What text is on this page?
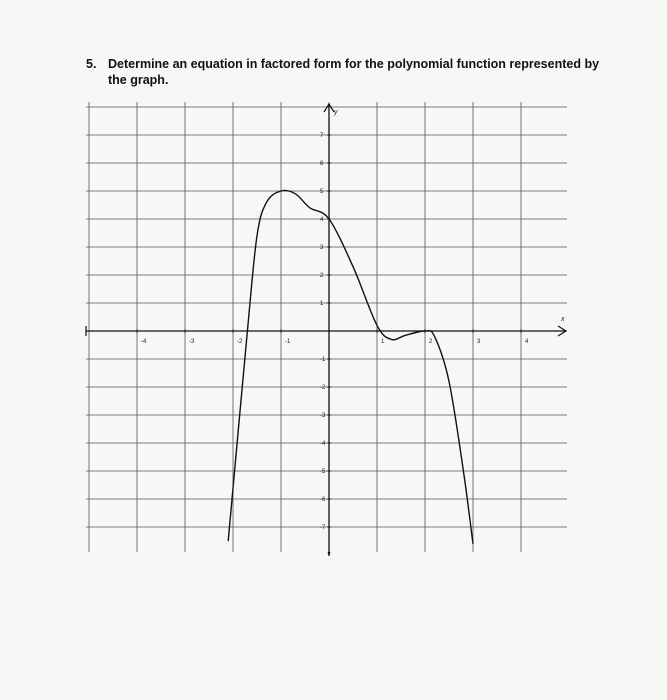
5. Determine an equation in factored form for the polynomial function represented by the graph.
x
y
-4	-3	-2	-1	1	2	3	4
7
6
5
4
3
2
1
-1
-2
-3
-4
-5
-6
-7
